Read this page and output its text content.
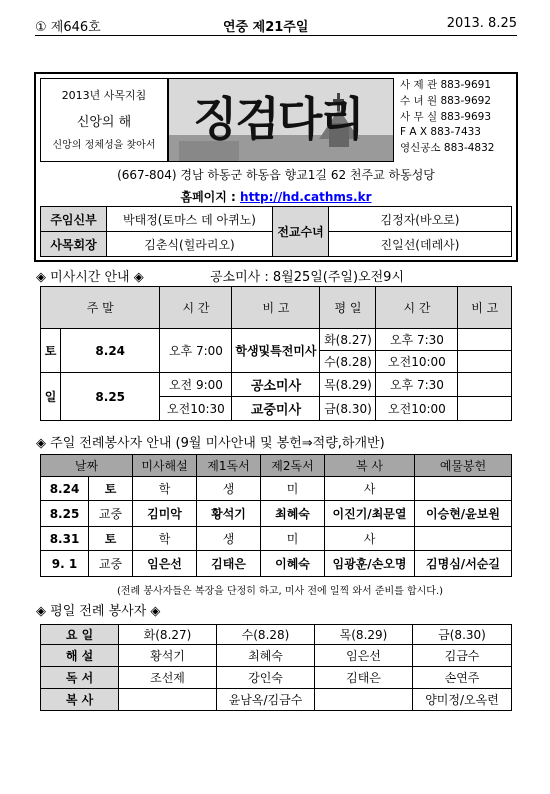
① 제646호	연중 제21주일	2013. 8.25
2013년 사목지침
신앙의 해
신앙의 정체성을 찾아서 징검다리
사 제 관 883-9691
수 녀 원 883-9692
사 무 실 883-9693
F A X 883-7433
영신공소 883-4832
(667-804) 경남 하동군 하동읍 향교1길 62 천주교 하동성당
홈페이지 : http://hd.cathms.kr
주임신부	박태정(토마스 데 아퀴노)	전교수녀	김정자(바오로)
사목회장	김춘식(힐라리오)		진일선(데레사)
◈ 미사시간 안내 ◈	공소미사 : 8월25일(주일)오전9시
주 말		시 간	비 고	평 일	시 간	비 고
토	8.24	오후 7:00	학생및특전미사	화(8.27)	오후 7:30	
				수(8.28)	오전10:00	
일	8.25	오전 9:00	공소미사	목(8.29)	오후 7:30	
		오전10:30	교중미사	금(8.30)	오전10:00	
◈ 주일 전례봉사자 안내 (9월 미사안내 및 봉헌⇒적량,하개반)
날짜		미사해설	제1독서	제2독서	복 사	예물봉헌
8.24	토	학	생	미	사	
8.25	교중	김미악	황석기	최혜숙	이진기/최문열	이승현/윤보원
8.31	토	학	생	미	사	
9. 1	교중	임은선	김태은	이혜숙	임광훈/손오명	김명심/서순길
(전례 봉사자들은 복장을 단정히 하고, 미사 전에 일찍 와서 준비를 합시다.)
◈ 평일 전례 봉사자 ◈
요 일	화(8.27)	수(8.28)	목(8.29)	금(8.30)
해 설	황석기	최혜숙	임은선	김금수
독 서	조선제	강인숙	김태은	손연주
복 사		윤남옥/김금수		양미정/오옥련
